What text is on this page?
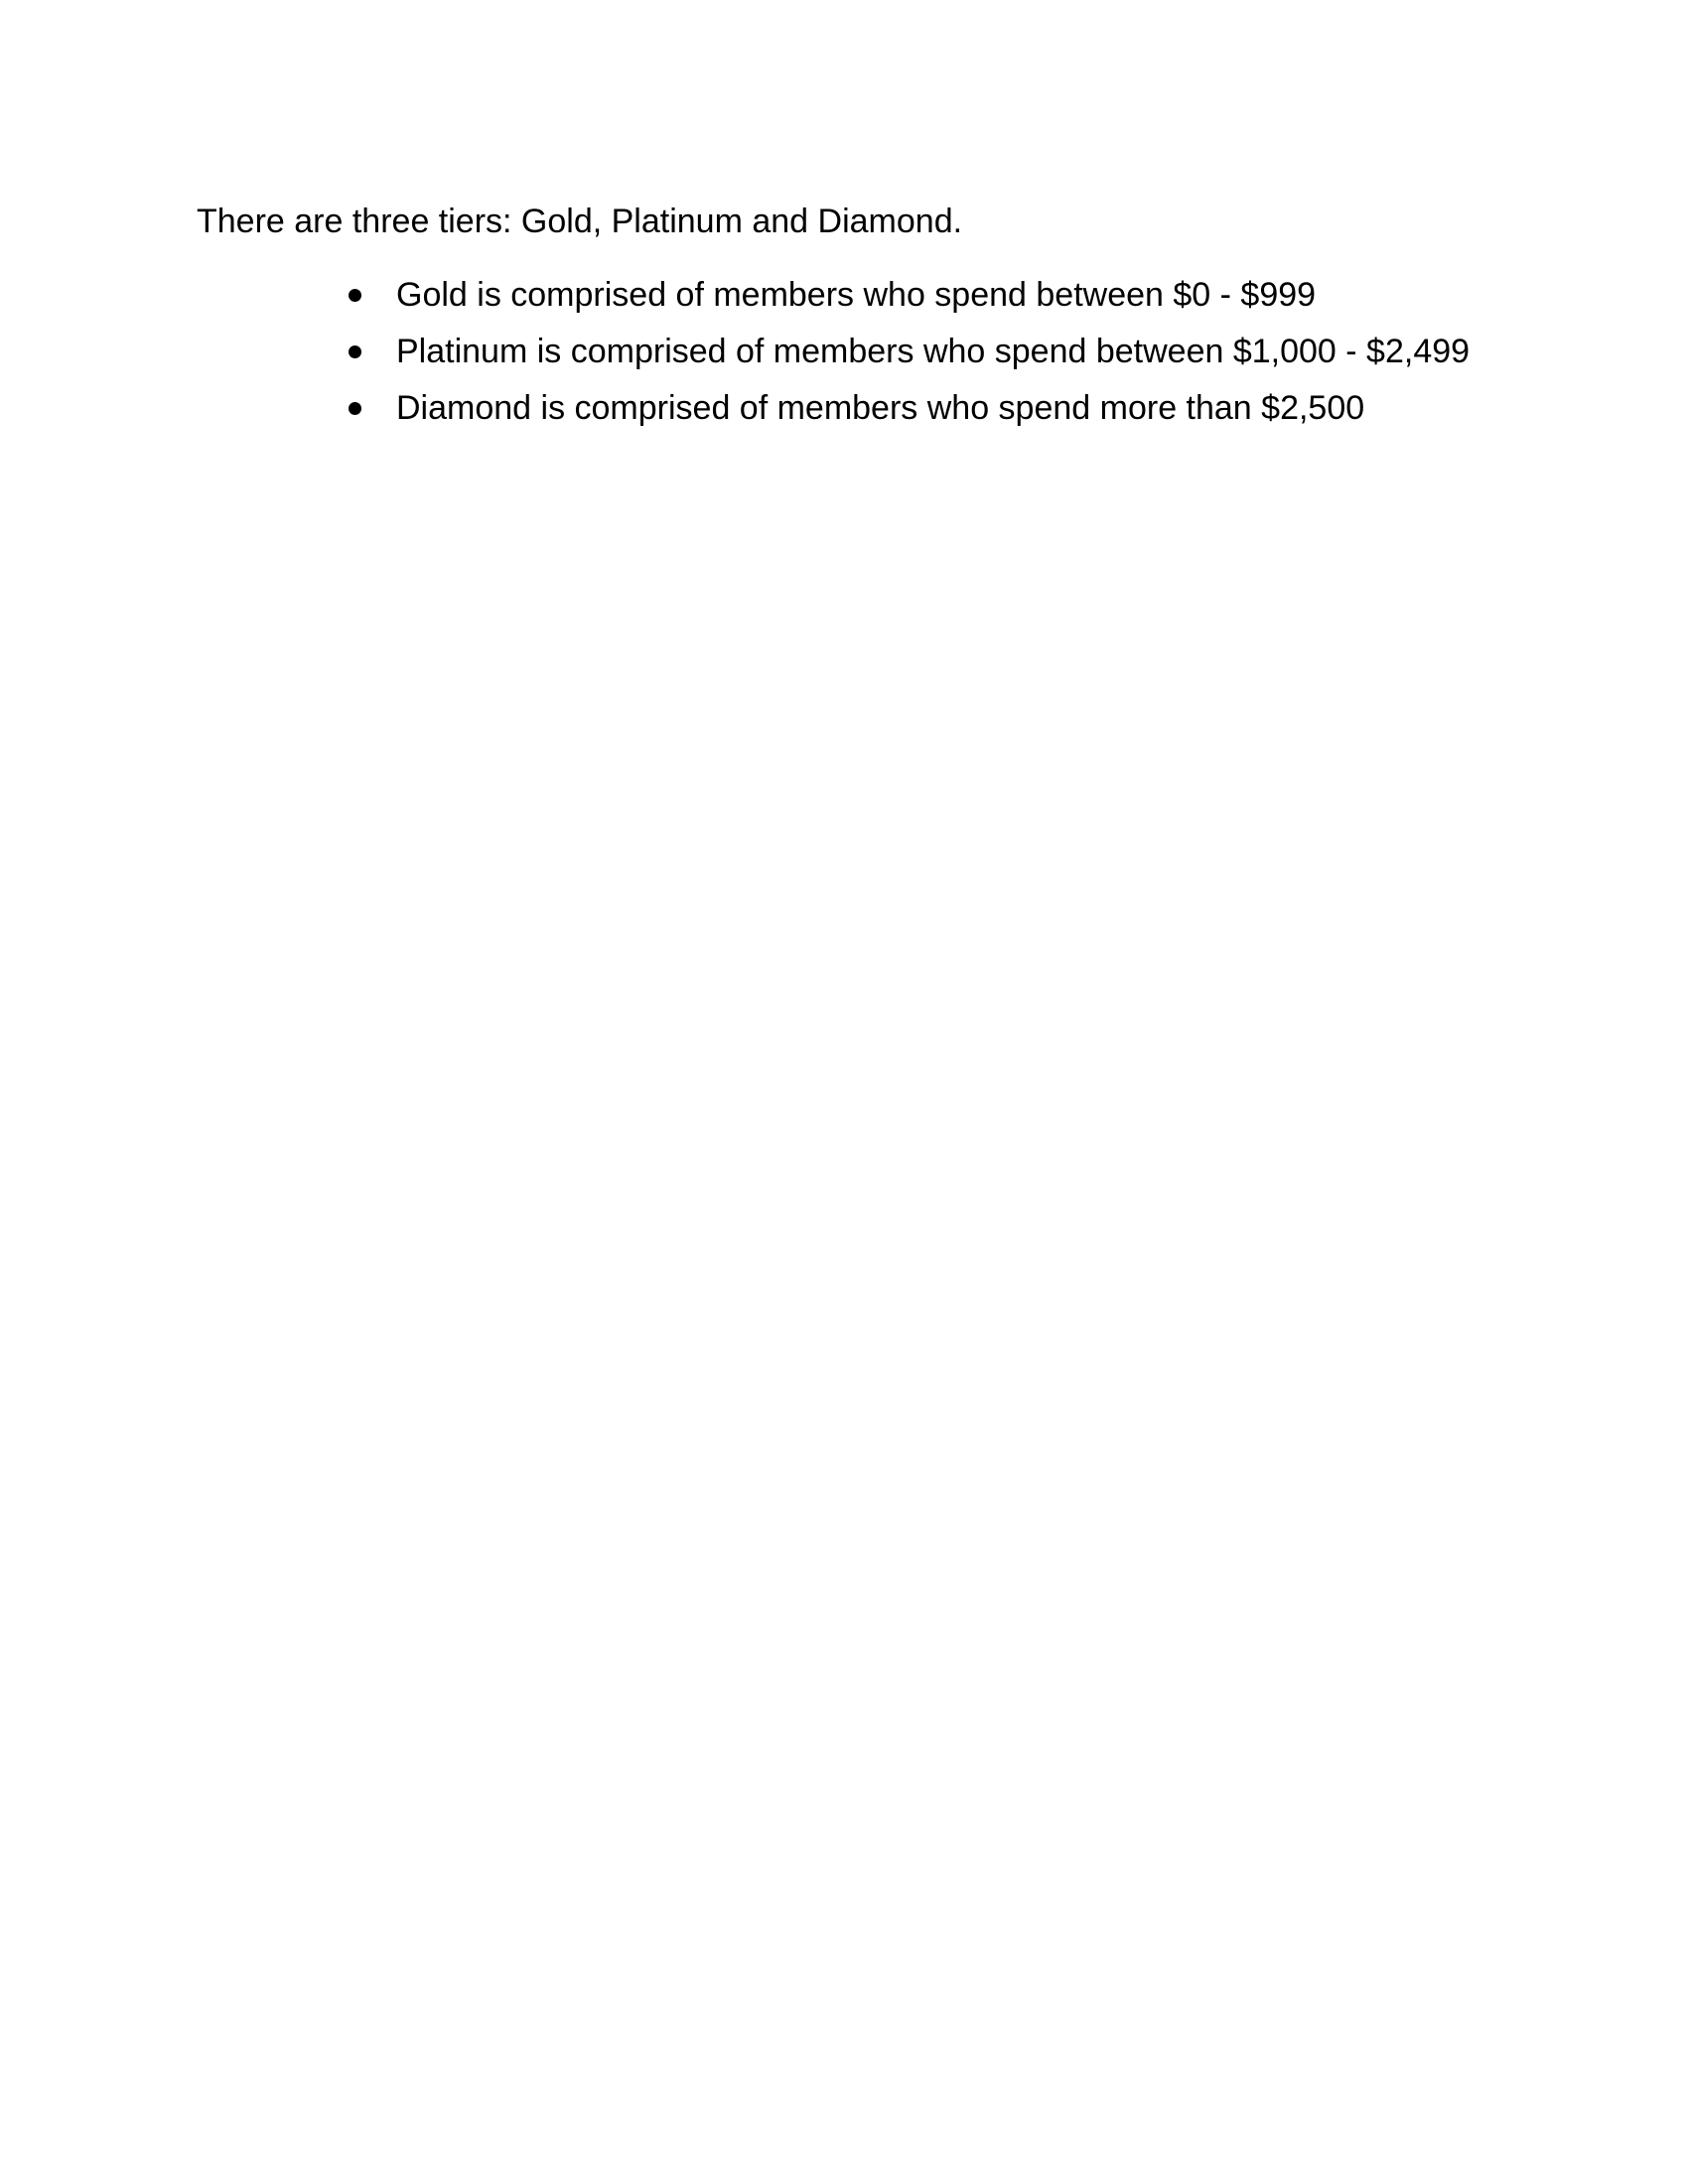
There are three tiers: Gold, Platinum and Diamond.

Gold is comprised of members who spend between $0 - $999
Platinum is comprised of members who spend between $1,000 - $2,499
Diamond is comprised of members who spend more than $2,500
